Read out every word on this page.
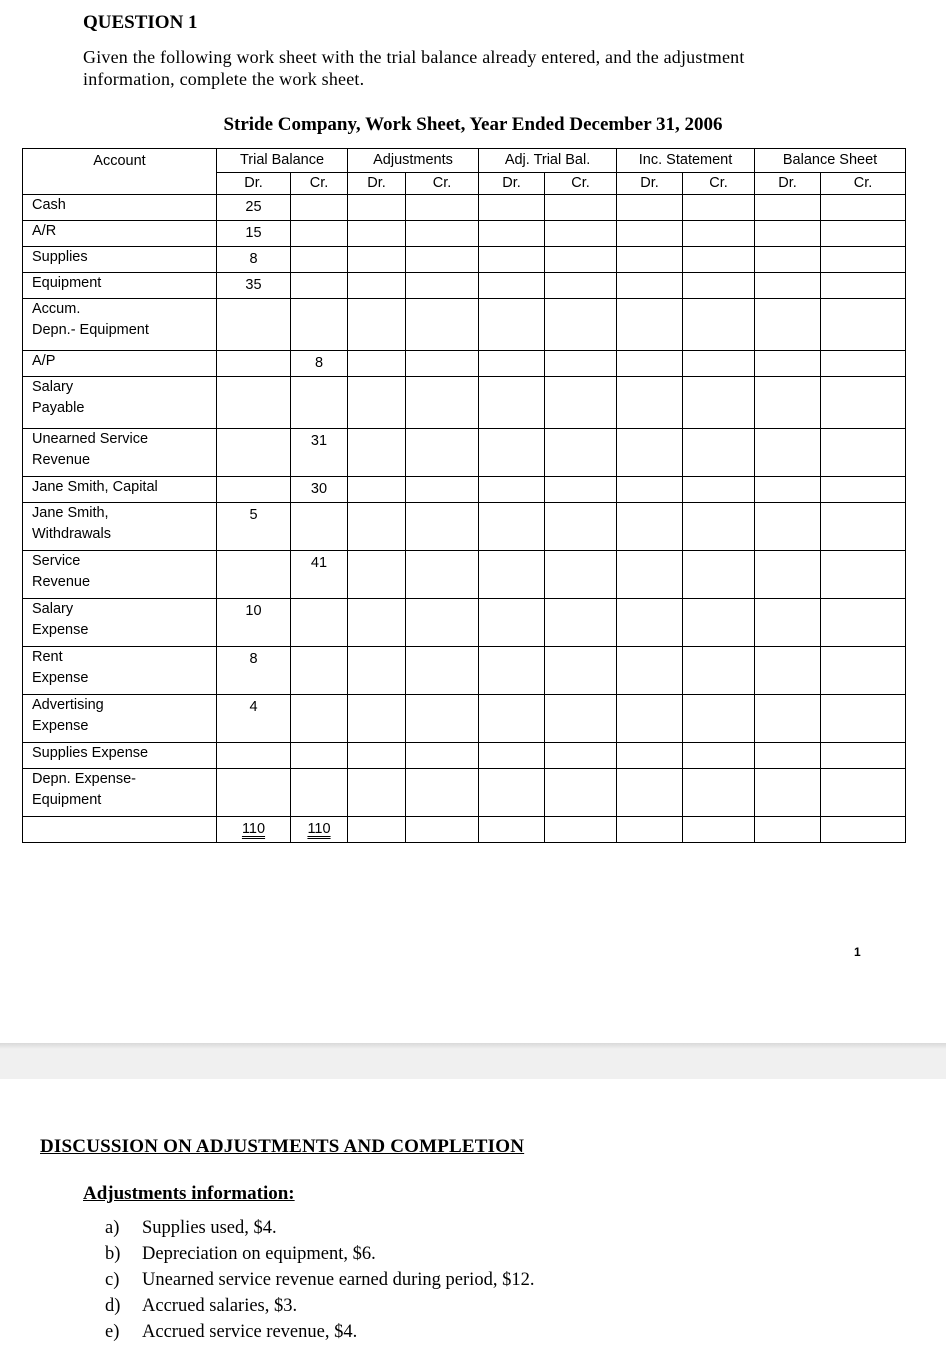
QUESTION 1
Given the following work sheet with the trial balance already entered, and the adjustment
information, complete the work sheet.
Stride Company, Work Sheet, Year Ended December 31, 2006
Account	Trial Balance		Adjustments		Adj. Trial Bal.		Inc. Statement		Balance Sheet	
	Dr.	Cr.	Dr.	Cr.	Dr.	Cr.	Dr.	Cr.	Dr.	Cr.

Cash	25									

A/R	15									

Supplies	8									

Equipment	35									

Accum.
Depn.- Equipment										

A/P		8								

Salary
Payable										

Unearned Service
Revenue		31								

Jane Smith, Capital		30								

Jane Smith,
Withdrawals	5									

Service
Revenue		41								

Salary
Expense	10									

Rent
Expense	8									

Advertising
Expense	4									

Supplies Expense										

Depn. Expense-
Equipment										

	110	110								
1
DISCUSSION ON ADJUSTMENTS AND COMPLETION
Adjustments information:
a) Supplies used, $4.
b) Depreciation on equipment, $6.
c) Unearned service revenue earned during period, $12.
d) Accrued salaries, $3.
e) Accrued service revenue, $4.
